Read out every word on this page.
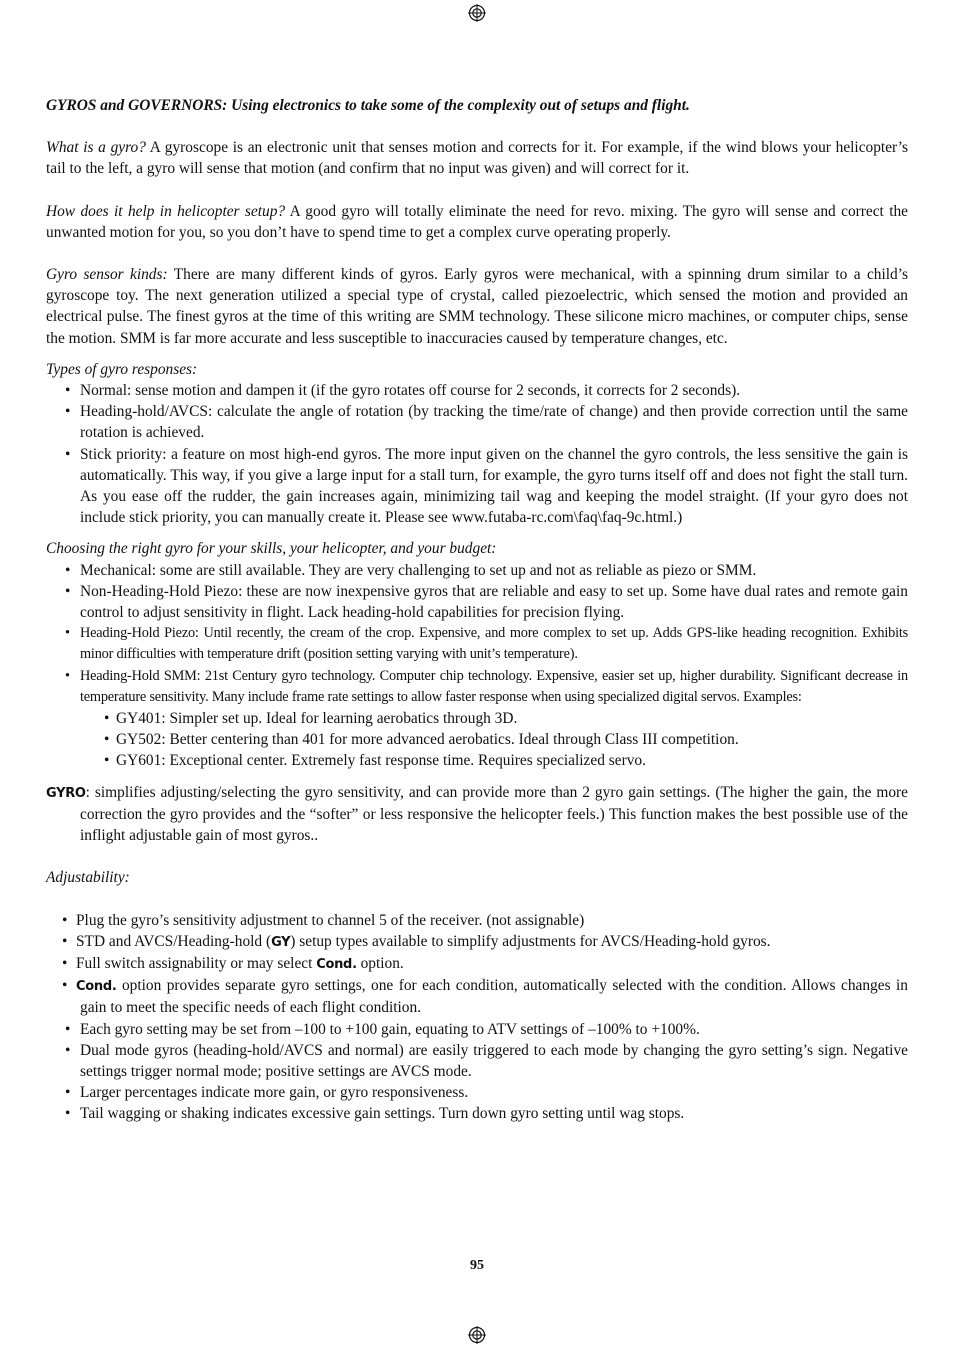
GYROS and GOVERNORS: Using electronics to take some of the complexity out of setups and flight.

What is a gyro? A gyroscope is an electronic unit that senses motion and corrects for it. For example, if the wind blows your helicopter’s tail to the left, a gyro will sense that motion (and confirm that no input was given) and will correct for it.

How does it help in helicopter setup? A good gyro will totally eliminate the need for revo. mixing. The gyro will sense and correct the unwanted motion for you, so you don’t have to spend time to get a complex curve operating properly.

Gyro sensor kinds: There are many different kinds of gyros. Early gyros were mechanical, with a spinning drum similar to a child’s gyroscope toy. The next generation utilized a special type of crystal, called piezoelectric, which sensed the motion and provided an electrical pulse. The finest gyros at the time of this writing are SMM technology. These silicone micro machines, or computer chips, sense the motion. SMM is far more accurate and less susceptible to inaccuracies caused by temperature changes, etc.

Types of gyro responses:

• Normal: sense motion and dampen it (if the gyro rotates off course for 2 seconds, it corrects for 2 seconds).
• Heading-hold/AVCS: calculate the angle of rotation (by tracking the time/rate of change) and then provide correction until the same rotation is achieved.
• Stick priority: a feature on most high-end gyros. The more input given on the channel the gyro controls, the less sensitive the gain is automatically. This way, if you give a large input for a stall turn, for example, the gyro turns itself off and does not fight the stall turn. As you ease off the rudder, the gain increases again, minimizing tail wag and keeping the model straight. (If your gyro does not include stick priority, you can manually create it. Please see www.futaba-rc.com\faq\faq-9c.html.)

Choosing the right gyro for your skills, your helicopter, and your budget:

• Mechanical: some are still available. They are very challenging to set up and not as reliable as piezo or SMM.
• Non-Heading-Hold Piezo: these are now inexpensive gyros that are reliable and easy to set up. Some have dual rates and remote gain control to adjust sensitivity in flight. Lack heading-hold capabilities for precision flying.
• Heading-Hold Piezo: Until recently, the cream of the crop. Expensive, and more complex to set up. Adds GPS-like heading recognition. Exhibits minor difficulties with temperature drift (position setting varying with unit’s temperature).
• Heading-Hold SMM: 21st Century gyro technology. Computer chip technology. Expensive, easier set up, higher durability. Significant decrease in temperature sensitivity. Many include frame rate settings to allow faster response when using specialized digital servos. Examples:
• GY401: Simpler set up. Ideal for learning aerobatics through 3D.
• GY502: Better centering than 401 for more advanced aerobatics. Ideal through Class III competition.
• GY601: Exceptional center. Extremely fast response time. Requires specialized servo.

GYRO: simplifies adjusting/selecting the gyro sensitivity, and can provide more than 2 gyro gain settings. (The higher the gain, the more correction the gyro provides and the “softer” or less responsive the helicopter feels.) This function makes the best possible use of the inflight adjustable gain of most gyros..

Adjustability:

• Plug the gyro’s sensitivity adjustment to channel 5 of the receiver. (not assignable)
• STD and AVCS/Heading-hold (GY) setup types available to simplify adjustments for AVCS/Heading-hold gyros.
• Full switch assignability or may select Cond. option.
• Cond. option provides separate gyro settings, one for each condition, automatically selected with the condition. Allows changes in gain to meet the specific needs of each flight condition.
• Each gyro setting may be set from –100 to +100 gain, equating to ATV settings of –100% to +100%.
• Dual mode gyros (heading-hold/AVCS and normal) are easily triggered to each mode by changing the gyro setting’s sign. Negative settings trigger normal mode; positive settings are AVCS mode.
• Larger percentages indicate more gain, or gyro responsiveness.
• Tail wagging or shaking indicates excessive gain settings. Turn down gyro setting until wag stops.
95
